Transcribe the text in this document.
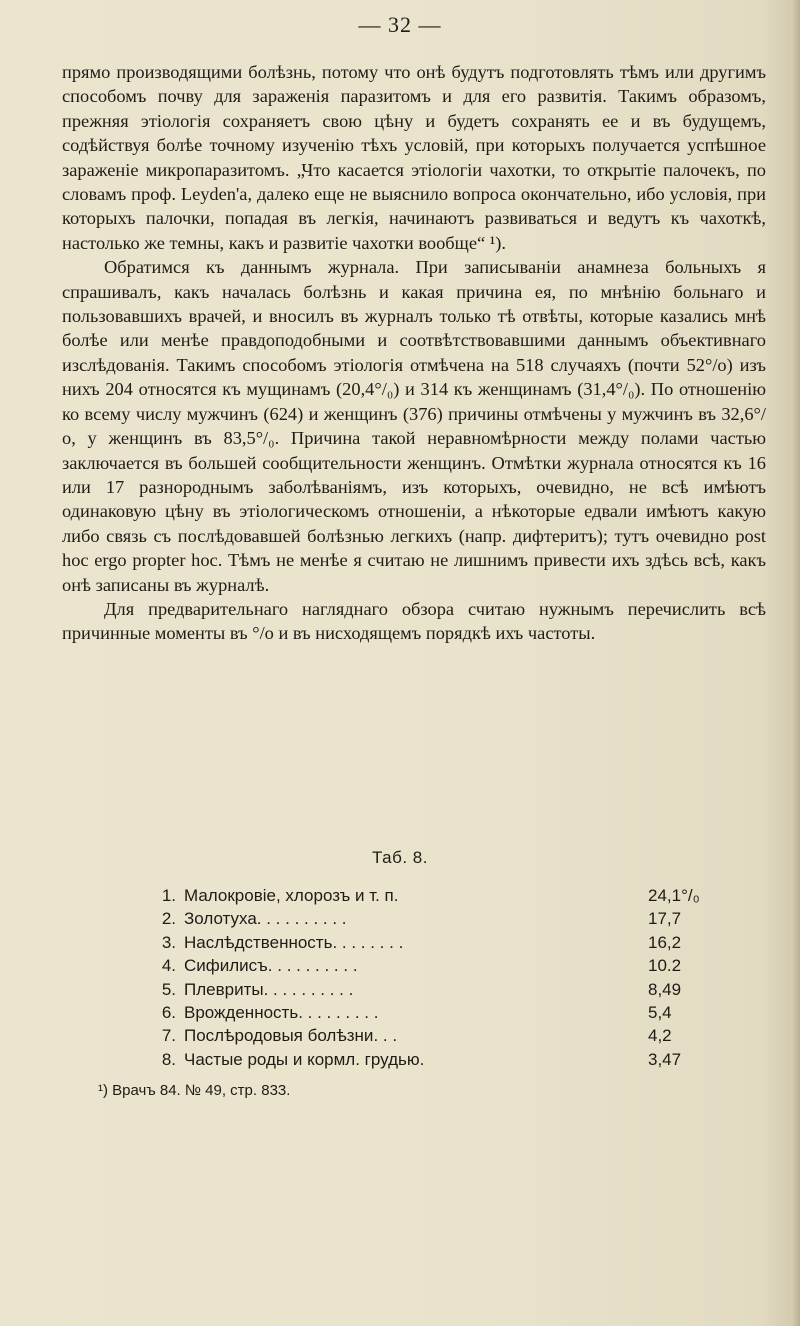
— 32 —

прямо производящими болѣзнь, потому что онѣ будутъ подготовлять тѣмъ или другимъ способомъ почву для зараженія паразитомъ и для его развитія. Такимъ образомъ, прежняя этіологія сохраняетъ свою цѣну и будетъ сохранять ее и въ будущемъ, содѣйствуя болѣе точному изученію тѣхъ условій, при которыхъ получается успѣшное зараженіе микропаразитомъ. „Что касается этіологіи чахотки, то открытіе палочекъ, по словамъ проф. Leyden'а, далеко еще не выяснило вопроса окончательно, ибо условія, при которыхъ палочки, попадая въ легкія, начинаютъ развиваться и ведутъ къ чахоткѣ, настолько же темны, какъ и развитіе чахотки вообще“ ¹).

Обратимся къ даннымъ журнала. При записываніи анамнеза больныхъ я спрашивалъ, какъ началась болѣзнь и какая причина ея, по мнѣнію больнаго и пользовавшихъ врачей, и вносилъ въ журналъ только тѣ отвѣты, которые казались мнѣ болѣе или менѣе правдоподобными и соотвѣтствовавшими даннымъ объективнаго изслѣдованія. Такимъ способомъ этіологія отмѣчена на 518 случаяхъ (почти 52°/о) изъ нихъ 204 относятся къ мущинамъ (20,4°/₀) и 314 къ женщинамъ (31,4°/₀). По отношенію ко всему числу мужчинъ (624) и женщинъ (376) причины отмѣчены у мужчинъ въ 32,6°/о, у женщинъ въ 83,5°/₀. Причина такой неравномѣрности между полами частью заключается въ большей сообщительности женщинъ. Отмѣтки журнала относятся къ 16 или 17 разнороднымъ заболѣваніямъ, изъ которыхъ, очевидно, не всѣ имѣютъ одинаковую цѣну въ этіологическомъ отношеніи, а нѣкоторые едвали имѣютъ какую либо связь съ послѣдовавшей болѣзнью легкихъ (напр. дифтеритъ); тутъ очевидно post hoc ergo propter hoc. Тѣмъ не менѣе я считаю не лишнимъ привести ихъ здѣсь всѣ, какъ онѣ записаны въ журналѣ.

Для предварительнаго нагляднаго обзора считаю нужнымъ перечислить всѣ причинные моменты въ °/о и въ нисходящемъ порядкѣ ихъ частоты.

Таб. 8.
1. Малокровіе, хлорозъ и т. п.	24,1°/₀
2. Золотуха . . . . . . . . . .	17,7
3. Наслѣдственность . . . . . . . .	16,2
4. Сифилисъ . . . . . . . . . .	10.2
5. Плевриты . . . . . . . . . .	8,49
6. Врожденность . . . . . . . . .	5,4
7. Послѣродовыя болѣзни . . .	4,2
8. Частые роды и кормл. грудью .	3,47
¹) Врачъ 84. № 49, стр. 833.
